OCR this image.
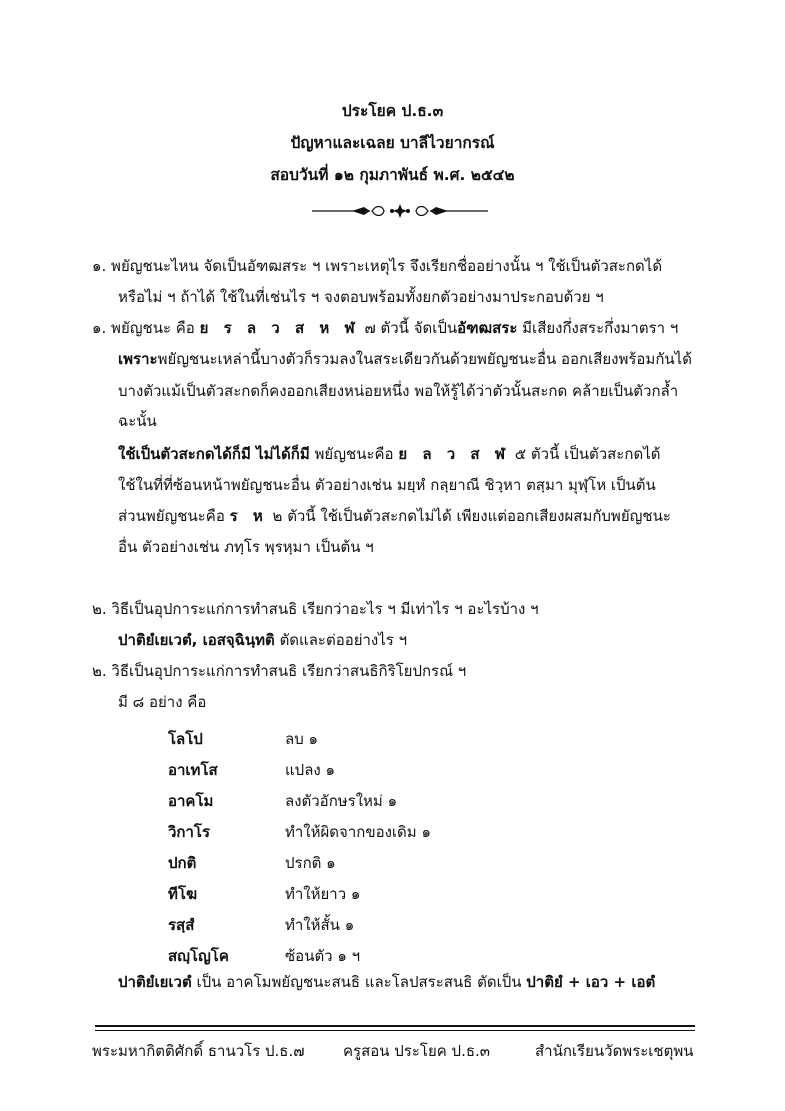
ประโยค ป.ธ.๓
ปัญหาและเฉลย บาลีไวยากรณ์
สอบวันที่ ๑๒ กุมภาพันธ์ พ.ศ. ๒๕๔๒
๑. พยัญชนะไหน จัดเป็นอัฑฒสระ ฯ เพราะเหตุไร จึงเรียกชื่ออย่างนั้น ฯ ใช้เป็นตัวสะกดได้
หรือไม่ ฯ ถ้าได้ ใช้ในที่เช่นไร ฯ จงตอบพร้อมทั้งยกตัวอย่างมาประกอบด้วย ฯ
๑. พยัญชนะ คือ ย ร ล ว ส ห ฬ ๗ ตัวนี้ จัดเป็นอัฑฒสระ มีเสียงกึ่งสระกึ่งมาตรา ฯ
เพราะพยัญชนะเหล่านี้บางตัวก็รวมลงในสระเดียวกันด้วยพยัญชนะอื่น ออกเสียงพร้อมกันได้
บางตัวแม้เป็นตัวสะกดก็คงออกเสียงหน่อยหนึ่ง พอให้รู้ได้ว่าตัวนั้นสะกด คล้ายเป็นตัวกล้ำ
ฉะนั้น
ใช้เป็นตัวสะกดได้ก็มี ไม่ได้ก็มี พยัญชนะคือ ย ล ว ส ฬ ๕ ตัวนี้ เป็นตัวสะกดได้
ใช้ในที่ที่ซ้อนหน้าพยัญชนะอื่น ตัวอย่างเช่น มยฺหํ กลฺยาณี ชิวฺหา ตสฺมา มุฬฺโห เป็นต้น
ส่วนพยัญชนะคือ ร ห ๒ ตัวนี้ ใช้เป็นตัวสะกดไม่ได้ เพียงแต่ออกเสียงผสมกับพยัญชนะ
อื่น ตัวอย่างเช่น ภทฺโร พฺรหฺมา เป็นต้น ฯ
๒. วิธีเป็นอุปการะแก่การทำสนธิ เรียกว่าอะไร ฯ มีเท่าไร ฯ อะไรบ้าง ฯ
ปาติยํเยเวตํ, เอสจฺฉินฺทติ ตัดและต่ออย่างไร ฯ
๒. วิธีเป็นอุปการะแก่การทำสนธิ เรียกว่าสนธิกิริโยปกรณ์ ฯ
มี ๘ อย่าง คือ
โลโป	ลบ ๑
อาเทโส	แปลง ๑
อาคโม	ลงตัวอักษรใหม่ ๑
วิกาโร	ทำให้ผิดจากของเดิม ๑
ปกติ	ปรกติ ๑
ทีโฆ	ทำให้ยาว ๑
รสฺสํ	ทำให้สั้น ๑
สญฺโญโค	ซ้อนตัว ๑ ฯ
ปาติยํเยเวตํ เป็น อาคโมพยัญชนะสนธิ และโลปสระสนธิ ตัดเป็น ปาติยํ + เอว + เอตํ
พระมหากิตติศักดิ์ ธานวโร ป.ธ.๗	ครูสอน ประโยค ป.ธ.๓	สำนักเรียนวัดพระเชตุพน
